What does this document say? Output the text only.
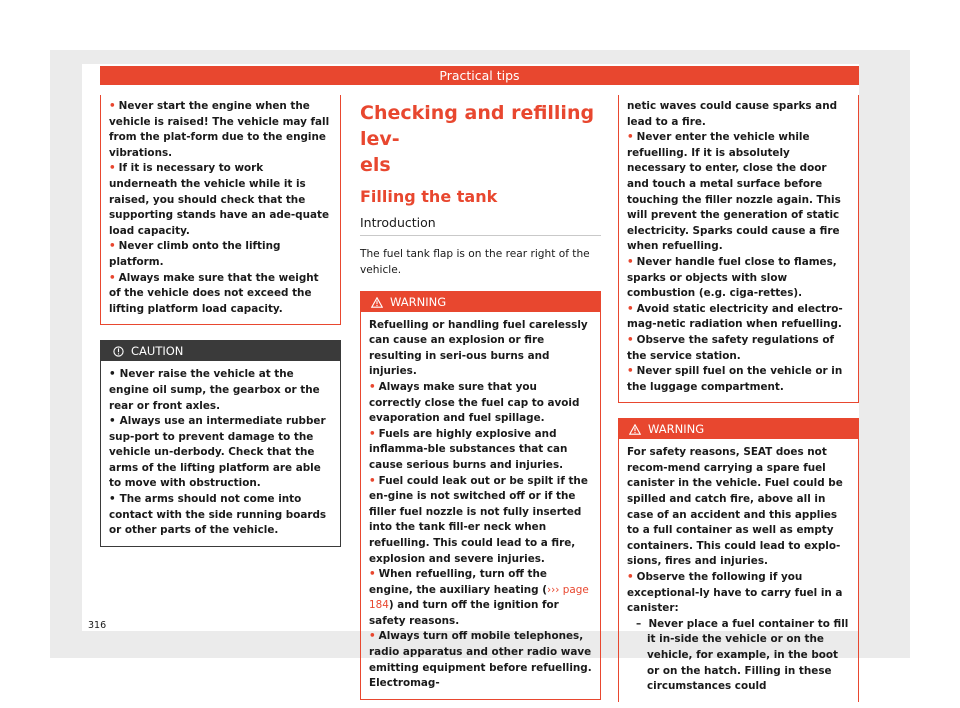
Practical tips

• Never start the engine when the vehicle is raised! The vehicle may fall from the plat-form due to the engine vibrations.

• If it is necessary to work underneath the vehicle while it is raised, you should check that the supporting stands have an ade-quate load capacity.

• Never climb onto the lifting platform.

• Always make sure that the weight of the vehicle does not exceed the lifting platform load capacity.

CAUTION

• Never raise the vehicle at the engine oil sump, the gearbox or the rear or front axles.

• Always use an intermediate rubber sup-port to prevent damage to the vehicle un-derbody. Check that the arms of the lifting platform are able to move with obstruction.

• The arms should not come into contact with the side running boards or other parts of the vehicle.

Checking and refilling lev-
els
Filling the tank
Introduction

The fuel tank flap is on the rear right of the vehicle.

WARNING

Refuelling or handling fuel carelessly can cause an explosion or fire resulting in seri-ous burns and injuries.

• Always make sure that you correctly close the fuel cap to avoid evaporation and fuel spillage.

• Fuels are highly explosive and inflamma-ble substances that can cause serious burns and injuries.

• Fuel could leak out or be spilt if the en-gine is not switched off or if the filler fuel nozzle is not fully inserted into the tank fill-er neck when refuelling. This could lead to a fire, explosion and severe injuries.

• When refuelling, turn off the engine, the auxiliary heating (››› page 184) and turn off the ignition for safety reasons.

• Always turn off mobile telephones, radio apparatus and other radio wave emitting equipment before refuelling. Electromag-

netic waves could cause sparks and lead to a fire.

• Never enter the vehicle while refuelling. If it is absolutely necessary to enter, close the door and touch a metal surface before touching the filler nozzle again. This will prevent the generation of static electricity. Sparks could cause a fire when refuelling.

• Never handle fuel close to flames, sparks or objects with slow combustion (e.g. ciga-rettes).

• Avoid static electricity and electro-mag-netic radiation when refuelling.

• Observe the safety regulations of the service station.

• Never spill fuel on the vehicle or in the luggage compartment.

WARNING

For safety reasons, SEAT does not recom-mend carrying a spare fuel canister in the vehicle. Fuel could be spilled and catch fire, above all in case of an accident and this applies to a full container as well as empty containers. This could lead to explo-sions, fires and injuries.

• Observe the following if you exceptional-ly have to carry fuel in a canister:

–  Never place a fuel container to fill it in-side the vehicle or on the vehicle, for example, in the boot or on the hatch. Filling in these circumstances could

316
